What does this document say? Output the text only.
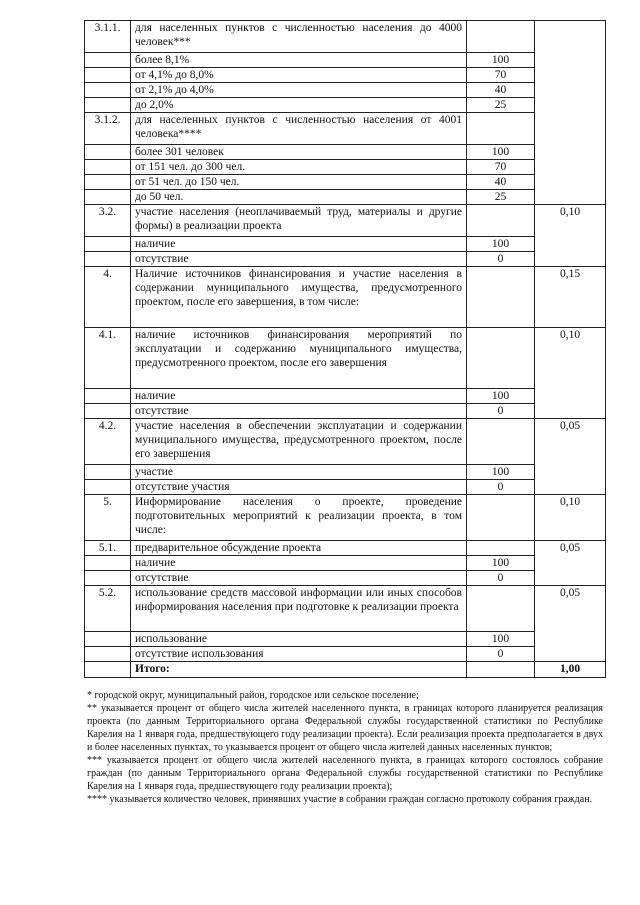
3.1.1.	для населенных пунктов с численностью населения до 4000 человек***		
	более 8,1%	100	
	от 4,1% до 8,0%	70	
	от 2,1% до 4,0%	40	
	до 2,0%	25	
3.1.2.	для населенных пунктов с численностью населения от 4001 человека****		
	более 301 человек	100	
	от 151 чел. до 300 чел.	70	
	от 51 чел. до 150 чел.	40	
	до 50 чел.	25	
3.2.	участие населения (неоплачиваемый труд, материалы и другие формы) в реализации проекта		0,10
	наличие	100	
	отсутствие	0	
4.	Наличие источников финансирования и участие населения в содержании муниципального имущества, предусмотренного проектом, после его завершения, в том числе:		0,15
4.1.	наличие источников финансирования мероприятий по эксплуатации и содержанию муниципального имущества, предусмотренного проектом, после его завершения		0,10
	наличие	100	
	отсутствие	0	
4.2.	участие населения в обеспечении эксплуатации и содержании муниципального имущества, предусмотренного проектом, после его завершения		0,05
	участие	100	
	отсутствие участия	0	
5.	Информирование населения о проекте, проведение подготовительных мероприятий к реализации проекта, в том числе:		0,10
5.1.	предварительное обсуждение проекта		0,05
	наличие	100	
	отсутствие	0	
5.2.	использование средств массовой информации или иных способов информирования населения при подготовке к реализации проекта		0,05
	использование	100	
	отсутствие использования	0	
	Итого:		1,00

* городской округ, муниципальный район, городское или сельское поселение;

** указывается процент от общего числа жителей населенного пункта, в границах которого планируется реализация проекта (по данным Территориального органа Федеральной службы государственной статистики по Республике Карелия на 1 января года, предшествующего году реализации проекта). Если реализация проекта предполагается в двух и более населенных пунктах, то указывается процент от общего числа жителей данных населенных пунктов;

*** указывается процент от общего числа жителей населенного пункта, в границах которого состоялось собрание граждан (по данным Территориального органа Федеральной службы государственной статистики по Республике Карелия на 1 января года, предшествующего году реализации проекта);

**** указывается количество человек, принявших участие в собрании граждан согласно протоколу собрания граждан.
